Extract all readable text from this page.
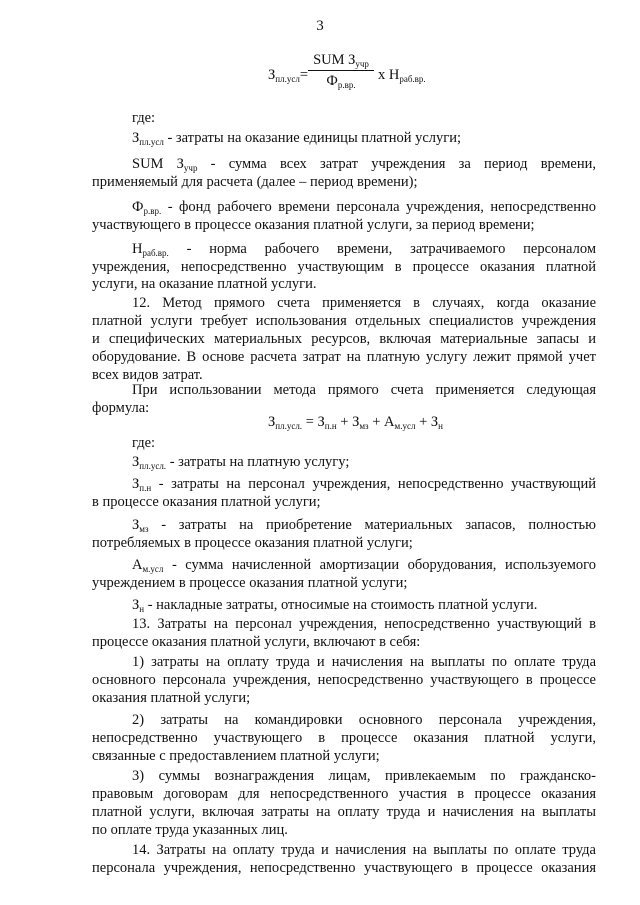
3
$З_{пл.усл}=$
SUM $З_{учр}$
$Ф_{р.вр.}$
x $Н_{раб.вр.}$
где:
$З_{пл.усл}$ - затраты на оказание единицы платной услуги;
SUM $З_{учр}$ - сумма всех затрат учреждения за период времени,
применяемый для расчета (далее – период времени);
$Ф_{р.вр.}$ - фонд рабочего времени персонала учреждения, непосредственно
участвующего в процессе оказания платной услуги, за период времени;
$Н_{раб.вр.}$ - норма рабочего времени, затрачиваемого персоналом
учреждения, непосредственно участвующим в процессе оказания платной
услуги, на оказание платной услуги.
12. Метод прямого счета применяется в случаях, когда оказание
платной услуги требует использования отдельных специалистов учреждения
и специфических материальных ресурсов, включая материальные запасы и
оборудование. В основе расчета затрат на платную услугу лежит прямой учет
всех видов затрат.
При использовании метода прямого счета применяется следующая
формула:
$З_{пл.усл.} = З_{п.н} + З_{мз} + А_{м.усл} + З_н$
где:
$З_{пл.усл.}$ - затраты на платную услугу;
$З_{п.н}$ - затраты на персонал учреждения, непосредственно участвующий
в процессе оказания платной услуги;
$З_{мз}$ - затраты на приобретение материальных запасов, полностью
потребляемых в процессе оказания платной услуги;
$А_{м.усл}$ - сумма начисленной амортизации оборудования, используемого
учреждением в процессе оказания платной услуги;
$З_н$ - накладные затраты, относимые на стоимость платной услуги.
13. Затраты на персонал учреждения, непосредственно участвующий в
процессе оказания платной услуги, включают в себя:
1) затраты на оплату труда и начисления на выплаты по оплате труда
основного персонала учреждения, непосредственно участвующего в процессе
оказания платной услуги;
2) затраты на командировки основного персонала учреждения,
непосредственно участвующего в процессе оказания платной услуги,
связанные с предоставлением платной услуги;
3) суммы вознаграждения лицам, привлекаемым по гражданско-
правовым договорам для непосредственного участия в процессе оказания
платной услуги, включая затраты на оплату труда и начисления на выплаты
по оплате труда указанных лиц.
14. Затраты на оплату труда и начисления на выплаты по оплате труда
персонала учреждения, непосредственно участвующего в процессе оказания
